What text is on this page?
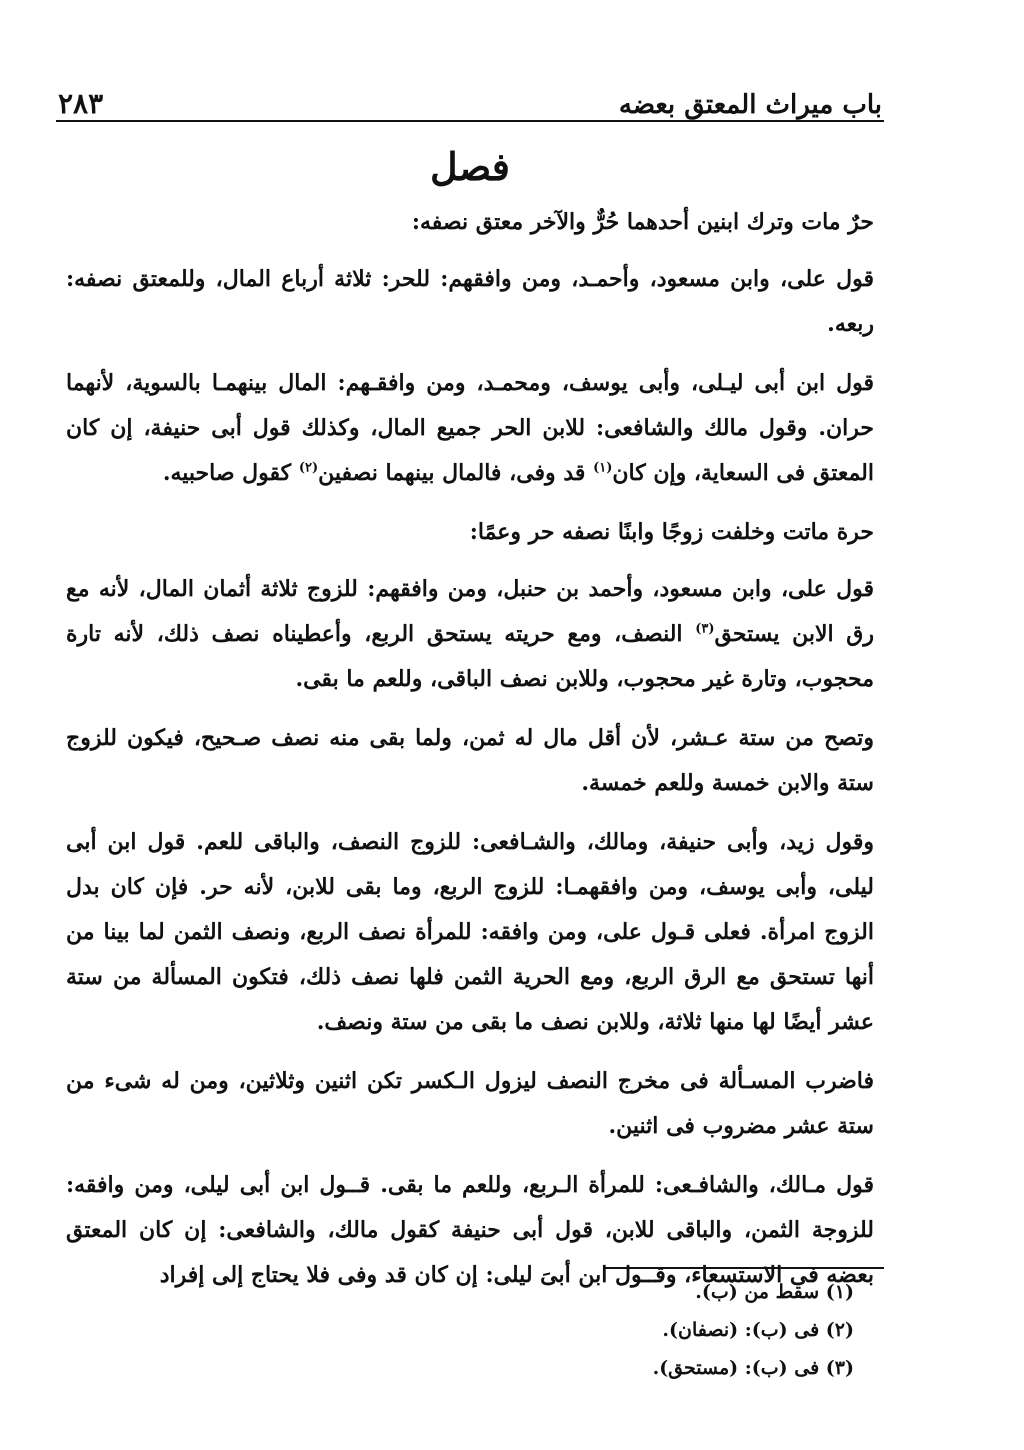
باب ميراث المعتق بعضه
٢٨٣
فصل

حرٌ مات وترك ابنين أحدهما حُرٌّ والآخر معتق نصفه:

قول على، وابن مسعود، وأحمـد، ومن وافقهم: للحر: ثلاثة أرباع المال، وللمعتق نصفه: ربعه.

قول ابن أبى ليـلى، وأبى يوسف، ومحمـد، ومن وافقـهم: المال بينهمـا بالسوية، لأنهما حران. وقول مالك والشافعى: للابن الحر جميع المال، وكذلك قول أبى حنيفة، إن كان المعتق فى السعاية، وإن كان$^{(١)}$ قد وفى، فالمال بينهما نصفين$^{(٢)}$ كقول صاحبيه.

حرة ماتت وخلفت زوجًا وابنًا نصفه حر وعمًا:

قول على، وابن مسعود، وأحمد بن حنبل، ومن وافقهم: للزوج ثلاثة أثمان المال، لأنه مع رق الابن يستحق$^{(٣)}$ النصف، ومع حريته يستحق الربع، وأعطيناه نصف ذلك، لأنه تارة محجوب، وتارة غير محجوب، وللابن نصف الباقى، وللعم ما بقى.

وتصح من ستة عـشر، لأن أقل مال له ثمن، ولما بقى منه نصف صـحيح، فيكون للزوج ستة والابن خمسة وللعم خمسة.

وقول زيد، وأبى حنيفة، ومالك، والشـافعى: للزوج النصف، والباقى للعم. قول ابن أبى ليلى، وأبى يوسف، ومن وافقهمـا: للزوج الربع، وما بقى للابن، لأنه حر. فإن كان بدل الزوج امرأة. فعلى قـول على، ومن وافقه: للمرأة نصف الربع، ونصف الثمن لما بينا من أنها تستحق مع الرق الربع، ومع الحرية الثمن فلها نصف ذلك، فتكون المسألة من ستة عشر أيضًا لها منها ثلاثة، وللابن نصف ما بقى من ستة ونصف.

فاضرب المسـألة فى مخرج النصف ليزول الـكسر تكن اثنين وثلاثين، ومن له شىء من ستة عشر مضروب فى اثنين.

قول مـالك، والشافـعى: للمرأة الـربع، وللعم ما بقى. قــول ابن أبى ليلى، ومن وافقه: للزوجة الثمن، والباقى للابن، قول أبى حنيفة كقول مالك، والشافعى: إن كان المعتق بعضه فى الاستسعاء، وقــول ابن أبىَ ليلى: إن كان قد وفى فلا يحتاج إلى إفراد

(١) سقط من (ب).
(٢) فى (ب): (نصفان).
(٣) فى (ب): (مستحق).
